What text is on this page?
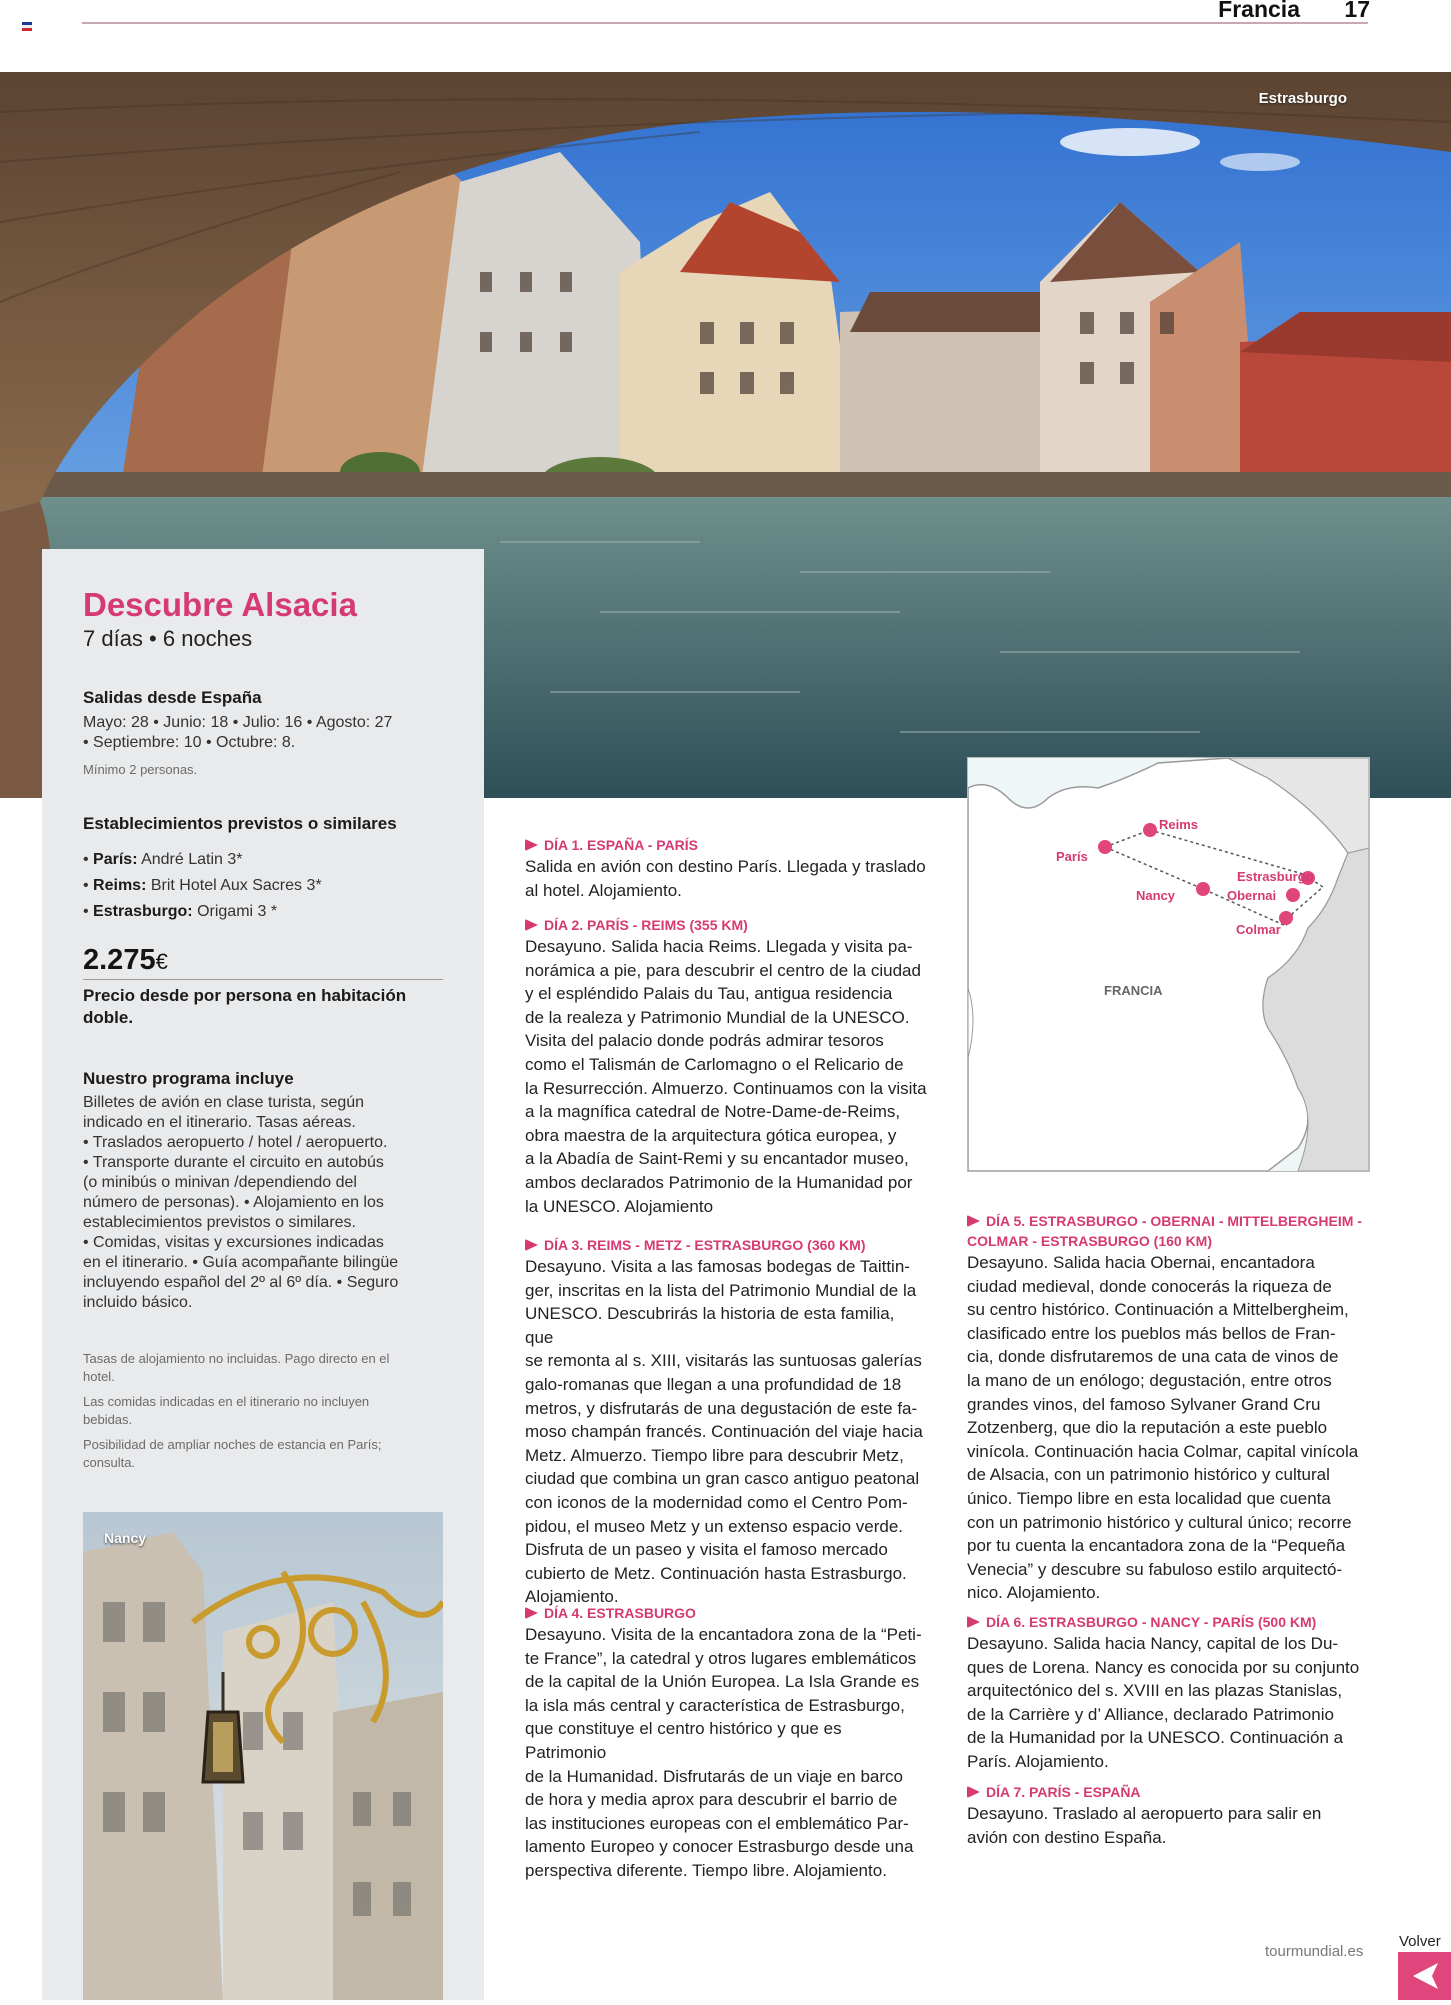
Francia	17
Estrasburgo
Descubre Alsacia
7 días • 6 noches
Salidas desde España
Mayo: 28 • Junio: 18 • Julio: 16 • Agosto: 27
• Septiembre: 10 • Octubre: 8.
Mínimo 2 personas.
Establecimientos previstos o similares
• París: André Latin 3*
• Reims: Brit Hotel Aux Sacres 3*
• Estrasburgo: Origami 3 *
2.275€
Precio desde por persona en habitación doble.
Nuestro programa incluye
Billetes de avión en clase turista, según
indicado en el itinerario. Tasas aéreas.
• Traslados aeropuerto / hotel / aeropuerto.
• Transporte durante el circuito en autobús
(o minibús o minivan /dependiendo del
número de personas). • Alojamiento en los
establecimientos previstos o similares.
• Comidas, visitas y excursiones indicadas
en el itinerario. • Guía acompañante bilingüe
incluyendo español del 2º al 6º día. • Seguro
incluido básico.
Tasas de alojamiento no incluidas. Pago directo en el
hotel.
Las comidas indicadas en el itinerario no incluyen
bebidas.
Posibilidad de ampliar noches de estancia en París;
consulta.
Nancy
DÍA 1. ESPAÑA - PARÍS
Salida en avión con destino París. Llegada y traslado
al hotel. Alojamiento.
DÍA 2. PARÍS - REIMS (355 KM)
Desayuno. Salida hacia Reims. Llegada y visita pa-
norámica a pie, para descubrir el centro de la ciudad
y el espléndido Palais du Tau, antigua residencia
de la realeza y Patrimonio Mundial de la UNESCO.
Visita del palacio donde podrás admirar tesoros
como el Talismán de Carlomagno o el Relicario de
la Resurrección. Almuerzo. Continuamos con la visita
a la magnífica catedral de Notre-Dame-de-Reims,
obra maestra de la arquitectura gótica europea, y
a la Abadía de Saint-Remi y su encantador museo,
ambos declarados Patrimonio de la Humanidad por
la UNESCO. Alojamiento
DÍA 3. REIMS - METZ - ESTRASBURGO (360 KM)
Desayuno. Visita a las famosas bodegas de Taittin-
ger, inscritas en la lista del Patrimonio Mundial de la
UNESCO. Descubrirás la historia de esta familia, que
se remonta al s. XIII, visitarás las suntuosas galerías
galo-romanas que llegan a una profundidad de 18
metros, y disfrutarás de una degustación de este fa-
moso champán francés. Continuación del viaje hacia
Metz. Almuerzo. Tiempo libre para descubrir Metz,
ciudad que combina un gran casco antiguo peatonal
con iconos de la modernidad como el Centro Pom-
pidou, el museo Metz y un extenso espacio verde.
Disfruta de un paseo y visita el famoso mercado
cubierto de Metz. Continuación hasta Estrasburgo.
Alojamiento.
DÍA 4. ESTRASBURGO
Desayuno. Visita de la encantadora zona de la “Peti-
te France”, la catedral y otros lugares emblemáticos
de la capital de la Unión Europea. La Isla Grande es
la isla más central y característica de Estrasburgo,
que constituye el centro histórico y que es Patrimonio
de la Humanidad. Disfrutarás de un viaje en barco
de hora y media aprox para descubrir el barrio de
las instituciones europeas con el emblemático Par-
lamento Europeo y conocer Estrasburgo desde una
perspectiva diferente. Tiempo libre. Alojamiento.
Reims
París
Estrasburgo
Obernai
Nancy
Colmar
FRANCIA
DÍA 5. ESTRASBURGO - OBERNAI - MITTELBERGHEIM -
COLMAR - ESTRASBURGO (160 KM)
Desayuno. Salida hacia Obernai, encantadora
ciudad medieval, donde conocerás la riqueza de
su centro histórico. Continuación a Mittelbergheim,
clasificado entre los pueblos más bellos de Fran-
cia, donde disfrutaremos de una cata de vinos de
la mano de un enólogo; degustación, entre otros
grandes vinos, del famoso Sylvaner Grand Cru
Zotzenberg, que dio la reputación a este pueblo
vinícola. Continuación hacia Colmar, capital vinícola
de Alsacia, con un patrimonio histórico y cultural
único. Tiempo libre en esta localidad que cuenta
con un patrimonio histórico y cultural único; recorre
por tu cuenta la encantadora zona de la “Pequeña
Venecia” y descubre su fabuloso estilo arquitectó-
nico. Alojamiento.
DÍA 6. ESTRASBURGO - NANCY - PARÍS (500 KM)
Desayuno. Salida hacia Nancy, capital de los Du-
ques de Lorena. Nancy es conocida por su conjunto
arquitectónico del s. XVIII en las plazas Stanislas,
de la Carrière y d’ Alliance, declarado Patrimonio
de la Humanidad por la UNESCO. Continuación a
París. Alojamiento.
DÍA 7. PARÍS - ESPAÑA
Desayuno. Traslado al aeropuerto para salir en
avión con destino España.
tourmundial.es
Volver
